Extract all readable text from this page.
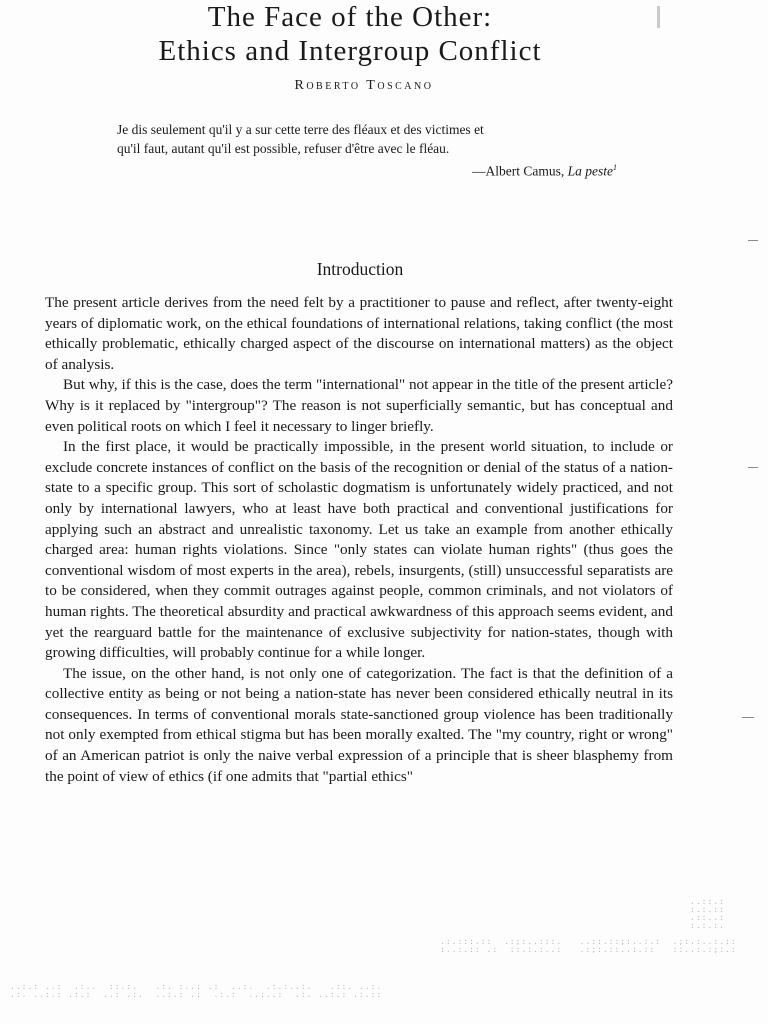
The Face of the Other:
Ethics and Intergroup Conflict
Roberto Toscano
Je dis seulement qu'il y a sur cette terre des fléaux et des victimes et
qu'il faut, autant qu'il est possible, refuser d'être avec le fléau.
—Albert Camus, La peste$^1$
Introduction

The present article derives from the need felt by a practitioner to pause and reflect, after twenty-eight years of diplomatic work, on the ethical foundations of international relations, taking conflict (the most ethically problematic, ethically charged aspect of the discourse on international matters) as the object of analysis.

But why, if this is the case, does the term "international" not appear in the title of the present article? Why is it replaced by "intergroup"? The reason is not superficially semantic, but has conceptual and even political roots on which I feel it necessary to linger briefly.

In the first place, it would be practically impossible, in the present world situation, to include or exclude concrete instances of conflict on the basis of the recognition or denial of the status of a nation-state to a specific group. This sort of scholastic dogmatism is unfortunately widely practiced, and not only by international lawyers, who at least have both practical and conventional justifications for applying such an abstract and unrealistic taxonomy. Let us take an example from another ethically charged area: human rights violations. Since "only states can violate human rights" (thus goes the conventional wisdom of most experts in the area), rebels, insurgents, (still) unsuccessful separatists are to be considered, when they commit outrages against people, common criminals, and not violators of human rights. The theoretical absurdity and practical awkwardness of this approach seems evident, and yet the rearguard battle for the maintenance of exclusive subjectivity for nation-states, though with growing difficulties, will probably continue for a while longer.

The issue, on the other hand, is not only one of categorization. The fact is that the definition of a collective entity as being or not being a nation-state has never been considered ethically neutral in its consequences. In terms of conventional morals state-sanctioned group violence has been traditionally not only exempted from ethical stigma but has been morally exalted. The "my country, right or wrong" of an American patriot is only the naive verbal expression of a principle that is sheer blasphemy from the point of view of ethics (if one admits that "partial ethics"

.:.:::.::  .:;:..:::.   ..::.::;:..:.:  .;:.:..:.::
:..:.:: .:  ::.:.:..:   .:;:.::..:.::   ::..:.:;:.:

..:.: ..:  .:..  ::.:.   .:. :..: .:  ..:.  .:.:..:.   .::. ..:.
.:. ..:.: .:.:  ..: .:.  ..:.: .:  .:.:  ..:..:  .:. ..:.: .:.::

..::.:
:.:.::
.::..:
:.:.:.
